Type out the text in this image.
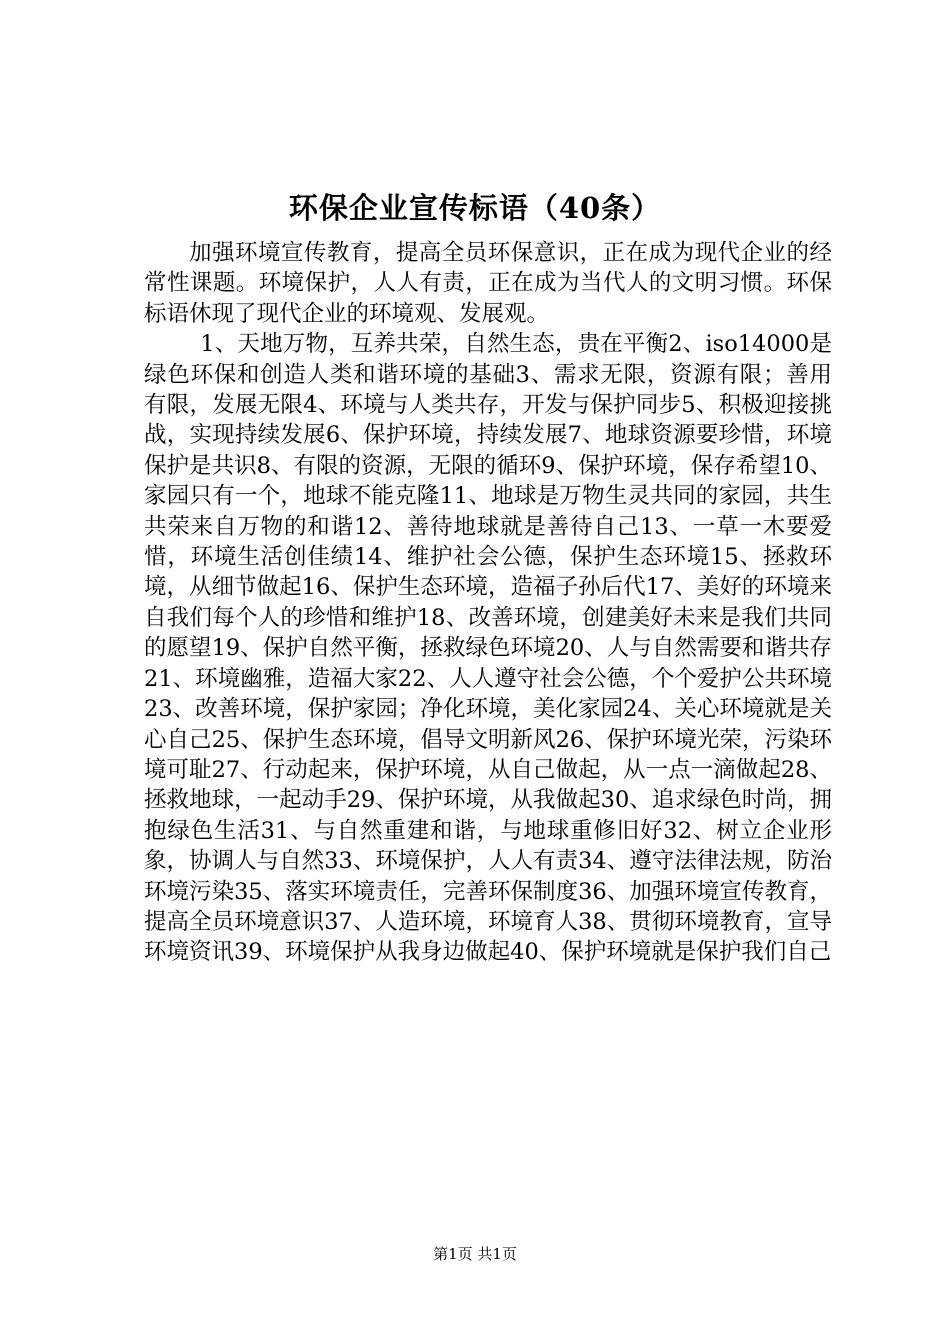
环保企业宣传标语（40条）

加强环境宣传教育，提高全员环保意识，正在成为现代企业的经常性课题。环境保护，人人有责，正在成为当代人的文明习惯。环保标语休现了现代企业的环境观、发展观。

1、天地万物，互养共荣，自然生态，贵在平衡2、iso14000是绿色环保和创造人类和谐环境的基础3、需求无限，资源有限；善用有限，发展无限4、环境与人类共存，开发与保护同步5、积极迎接挑战，实现持续发展6、保护环境，持续发展7、地球资源要珍惜，环境保护是共识8、有限的资源，无限的循环9、保护环境，保存希望10、家园只有一个，地球不能克隆11、地球是万物生灵共同的家园，共生共荣来自万物的和谐12、善待地球就是善待自己13、一草一木要爱惜，环境生活创佳绩14、维护社会公德，保护生态环境15、拯救环境，从细节做起16、保护生态环境，造福子孙后代17、美好的环境来自我们每个人的珍惜和维护18、改善环境，创建美好未来是我们共同的愿望19、保护自然平衡，拯救绿色环境20、人与自然需要和谐共存21、环境幽雅，造福大家22、人人遵守社会公德，个个爱护公共环境23、改善环境，保护家园；净化环境，美化家园24、关心环境就是关心自己25、保护生态环境，倡导文明新风26、保护环境光荣，污染环境可耻27、行动起来，保护环境，从自己做起，从一点一滴做起28、拯救地球，一起动手29、保护环境，从我做起30、追求绿色时尚，拥抱绿色生活31、与自然重建和谐，与地球重修旧好32、树立企业形象，协调人与自然33、环境保护，人人有责34、遵守法律法规，防治环境污染35、落实环境责任，完善环保制度36、加强环境宣传教育，提高全员环境意识37、人造环境，环境育人38、贯彻环境教育，宣导环境资讯39、环境保护从我身边做起40、保护环境就是保护我们自己

第1页 共1页
